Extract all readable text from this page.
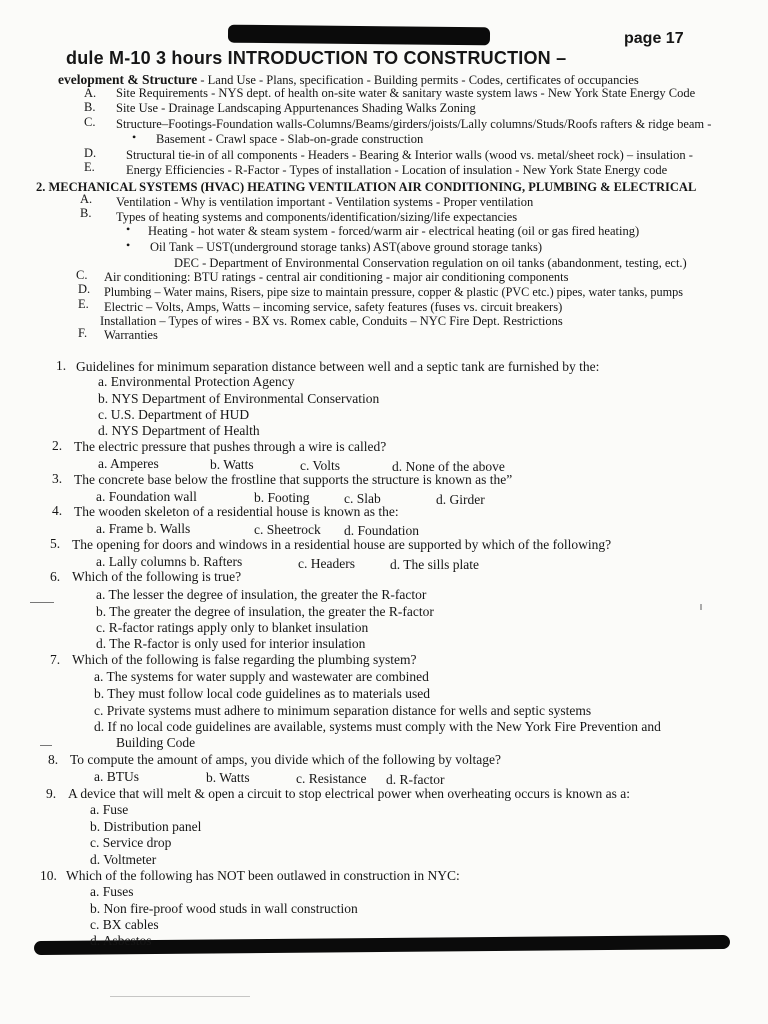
page 17
dule M-10 3 hours INTRODUCTION TO CONSTRUCTION –
evelopment & Structure - Land Use - Plans, specification - Building permits - Codes, certificates of occupancies
A. Site Requirements - NYS dept. of health on-site water & sanitary waste system laws - New York State Energy Code
B. Site Use - Drainage Landscaping Appurtenances Shading Walks Zoning
C. Structure–Footings-Foundation walls-Columns/Beams/girders/joists/Lally columns/Studs/Roofs rafters & ridge beam -
• Basement - Crawl space - Slab-on-grade construction
D. Structural tie-in of all components - Headers - Bearing & Interior walls (wood vs. metal/sheet rock) – insulation -
E. Energy Efficiencies - R-Factor - Types of installation - Location of insulation - New York State Energy code
2. MECHANICAL SYSTEMS (HVAC) HEATING VENTILATION AIR CONDITIONING, PLUMBING & ELECTRICAL
A. Ventilation - Why is ventilation important - Ventilation systems - Proper ventilation
B. Types of heating systems and components/identification/sizing/life expectancies
• Heating - hot water & steam system - forced/warm air - electrical heating (oil or gas fired heating)
• Oil Tank – UST(underground storage tanks) AST(above ground storage tanks)
DEC - Department of Environmental Conservation regulation on oil tanks (abandonment, testing, ect.)
C. Air conditioning: BTU ratings - central air conditioning - major air conditioning components
D. Plumbing – Water mains, Risers, pipe size to maintain pressure, copper & plastic (PVC etc.) pipes, water tanks, pumps
E. Electric – Volts, Amps, Watts – incoming service, safety features (fuses vs. circuit breakers)
Installation – Types of wires - BX vs. Romex cable, Conduits – NYC Fire Dept. Restrictions
F. Warranties
1. Guidelines for minimum separation distance between well and a septic tank are furnished by the:
a. Environmental Protection Agency
b. NYS Department of Environmental Conservation
c. U.S. Department of HUD
d. NYS Department of Health
2. The electric pressure that pushes through a wire is called?
a. Amperes	b. Watts	c. Volts	d. None of the above
3. The concrete base below the frostline that supports the structure is known as the”
a. Foundation wall	b. Footing	c. Slab	d. Girder
4. The wooden skeleton of a residential house is known as the:
a. Frame b. Walls	c. Sheetrock d. Foundation
5. The opening for doors and windows in a residential house are supported by which of the following?
a. Lally columns b. Rafters	c. Headers	d. The sills plate
6. Which of the following is true?
a. The lesser the degree of insulation, the greater the R-factor
b. The greater the degree of insulation, the greater the R-factor
c. R-factor ratings apply only to blanket insulation
d. The R-factor is only used for interior insulation
7. Which of the following is false regarding the plumbing system?
a. The systems for water supply and wastewater are combined
b. They must follow local code guidelines as to materials used
c. Private systems must adhere to minimum separation distance for wells and septic systems
d. If no local code guidelines are available, systems must comply with the New York Fire Prevention and
Building Code
8. To compute the amount of amps, you divide which of the following by voltage?
a. BTUs	b. Watts	c. Resistance d. R-factor
9. A device that will melt & open a circuit to stop electrical power when overheating occurs is known as a:
a. Fuse
b. Distribution panel
c. Service drop
d. Voltmeter
10. Which of the following has NOT been outlawed in construction in NYC:
a. Fuses
b. Non fire-proof wood studs in wall construction
c. BX cables
d. Asbestos
